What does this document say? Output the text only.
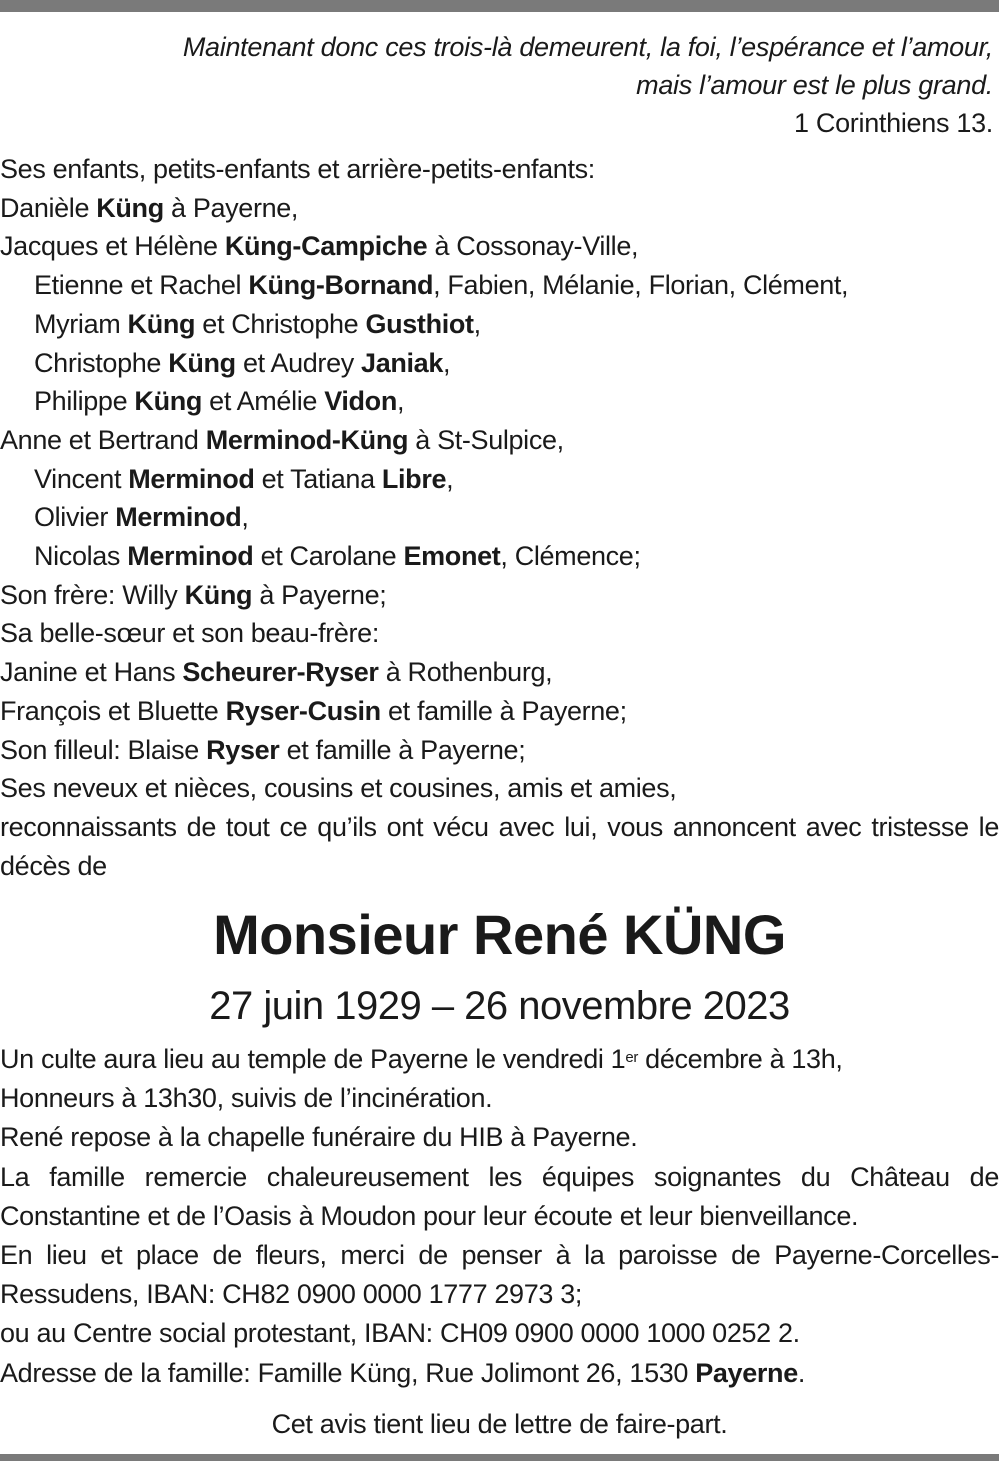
Maintenant donc ces trois-là demeurent, la foi, l’espérance et l’amour,
mais l’amour est le plus grand.
1 Corinthiens 13.

Ses enfants, petits-enfants et arrière-petits-enfants:

Danièle Küng à Payerne,

Jacques et Hélène Küng-Campiche à Cossonay-Ville,

Etienne et Rachel Küng-Bornand, Fabien, Mélanie, Florian, Clément,

Myriam Küng et Christophe Gusthiot,

Christophe Küng et Audrey Janiak,

Philippe Küng et Amélie Vidon,

Anne et Bertrand Merminod-Küng à St-Sulpice,

Vincent Merminod et Tatiana Libre,

Olivier Merminod,

Nicolas Merminod et Carolane Emonet, Clémence;

Son frère: Willy Küng à Payerne;

Sa belle-sœur et son beau-frère:

Janine et Hans Scheurer-Ryser à Rothenburg,

François et Bluette Ryser-Cusin et famille à Payerne;

Son filleul: Blaise Ryser et famille à Payerne;

Ses neveux et nièces, cousins et cousines, amis et amies,

reconnaissants de tout ce qu’ils ont vécu avec lui, vous annoncent avec tristesse le décès de

Monsieur René KÜNG
27 juin 1929 – 26 novembre 2023

Un culte aura lieu au temple de Payerne le vendredi 1er décembre à 13h,

Honneurs à 13h30, suivis de l’incinération.

René repose à la chapelle funéraire du HIB à Payerne.

La famille remercie chaleureusement les équipes soignantes du Château de Constantine et de l’Oasis à Moudon pour leur écoute et leur bienveillance.

En lieu et place de fleurs, merci de penser à la paroisse de Payerne-Corcelles-Ressudens, IBAN: CH82 0900 0000 1777 2973 3;

ou au Centre social protestant, IBAN: CH09 0900 0000 1000 0252 2.

Adresse de la famille: Famille Küng, Rue Jolimont 26, 1530 Payerne.

Cet avis tient lieu de lettre de faire-part.
